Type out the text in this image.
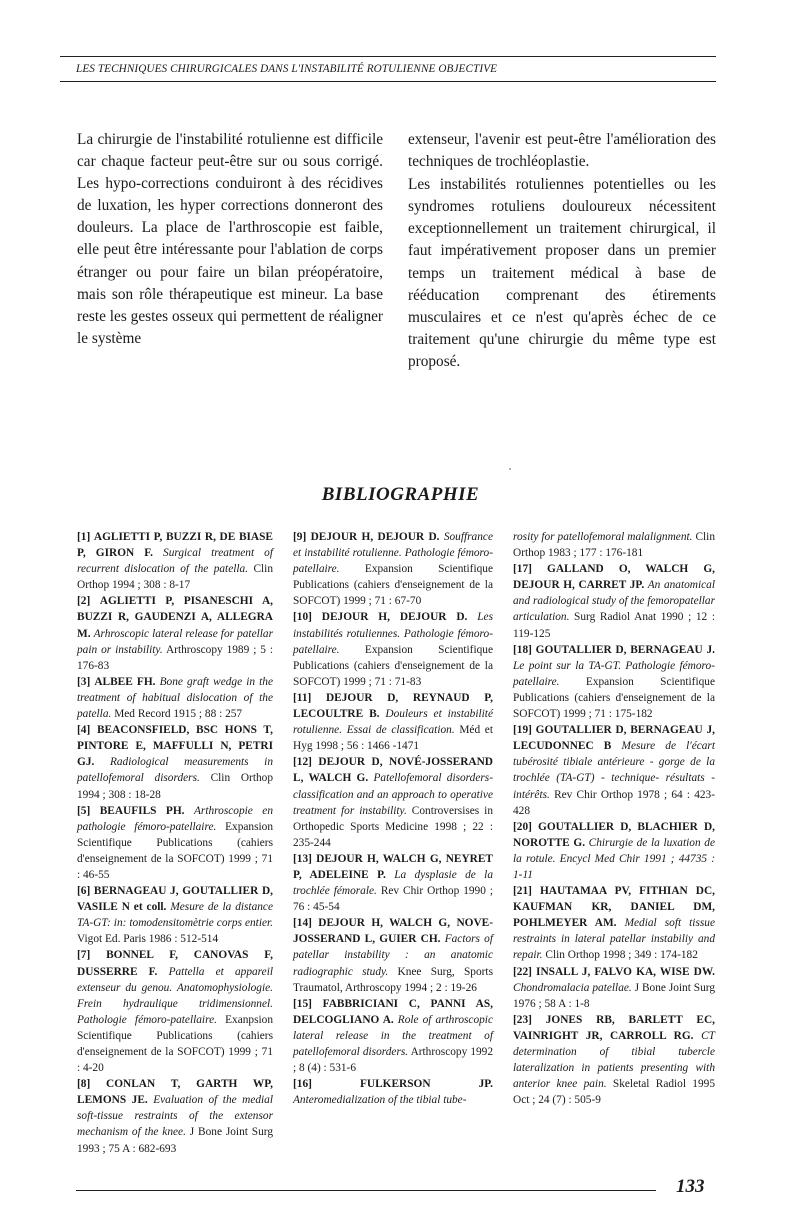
LES TECHNIQUES CHIRURGICALES DANS L'INSTABILITÉ ROTULIENNE OBJECTIVE

La chirurgie de l'instabilité rotulienne est difficile car chaque facteur peut-être sur ou sous corrigé. Les hypo-corrections conduiront à des récidives de luxation, les hyper corrections donneront des douleurs. La place de l'arthroscopie est faible, elle peut être intéressante pour l'ablation de corps étranger ou pour faire un bilan préopératoire, mais son rôle thérapeutique est mineur. La base reste les gestes osseux qui permettent de réaligner le système

extenseur, l'avenir est peut-être l'amélioration des techniques de trochléoplastie.

Les instabilités rotuliennes potentielles ou les syndromes rotuliens douloureux nécessitent exceptionnellement un traitement chirurgical, il faut impérativement proposer dans un premier temps un traitement médical à base de rééducation comprenant des étirements musculaires et ce n'est qu'après échec de ce traitement qu'une chirurgie du même type est proposé.

BIBLIOGRAPHIE

[1] AGLIETTI P, BUZZI R, DE BIASE P, GIRON F. Surgical treatment of recurrent dislocation of the patella. Clin Orthop 1994 ; 308 : 8-17

[2] AGLIETTI P, PISANESCHI A, BUZZI R, GAUDENZI A, ALLEGRA M. Arhroscopic lateral release for patellar pain or instability. Arthroscopy 1989 ; 5 : 176-83

[3] ALBEE FH. Bone graft wedge in the treatment of habitual dislocation of the patella. Med Record 1915 ; 88 : 257

[4] BEACONSFIELD, BSC HONS T, PINTORE E, MAFFULLI N, PETRI GJ. Radiological measurements in patellofemoral disorders. Clin Orthop 1994 ; 308 : 18-28

[5] BEAUFILS PH. Arthroscopie en pathologie fémoro-patellaire. Expansion Scientifique Publications (cahiers d'enseignement de la SOFCOT) 1999 ; 71 : 46-55

[6] BERNAGEAU J, GOUTALLIER D, VASILE N et coll. Mesure de la distance TA-GT: in: tomodensitomètrie corps entier. Vigot Ed. Paris 1986 : 512-514

[7] BONNEL F, CANOVAS F, DUSSERRE F. Pattella et appareil extenseur du genou. Anatomophysiologie. Frein hydraulique tridimensionnel. Pathologie fémoro-patellaire. Exanpsion Scientifique Publications (cahiers d'enseignement de la SOFCOT) 1999 ; 71 : 4-20

[8] CONLAN T, GARTH WP, LEMONS JE. Evaluation of the medial soft-tissue restraints of the extensor mechanism of the knee. J Bone Joint Surg 1993 ; 75 A : 682-693

[9] DEJOUR H, DEJOUR D. Souffrance et instabilité rotulienne. Pathologie fémoro-patellaire. Expansion Scientifique Publications (cahiers d'enseignement de la SOFCOT) 1999 ; 71 : 67-70

[10] DEJOUR H, DEJOUR D. Les instabilités rotuliennes. Pathologie fémoro-patellaire. Expansion Scientifique Publications (cahiers d'enseignement de la SOFCOT) 1999 ; 71 : 71-83

[11] DEJOUR D, REYNAUD P, LECOULTRE B. Douleurs et instabilité rotulienne. Essai de classification. Méd et Hyg 1998 ; 56 : 1466 -1471

[12] DEJOUR D, NOVÉ-JOSSERAND L, WALCH G. Patellofemoral disorders- classification and an approach to operative treatment for instability. Controversises in Orthopedic Sports Medicine 1998 ; 22 : 235-244

[13] DEJOUR H, WALCH G, NEYRET P, ADELEINE P. La dysplasie de la trochlée fémorale. Rev Chir Orthop 1990 ; 76 : 45-54

[14] DEJOUR H, WALCH G, NOVE-JOSSERAND L, GUIER CH. Factors of patellar instability : an anatomic radiographic study. Knee Surg, Sports Traumatol, Arthroscopy 1994 ; 2 : 19-26

[15] FABBRICIANI C, PANNI AS, DELCOGLIANO A. Role of arthroscopic lateral release in the treatment of patellofemoral disorders. Arthroscopy 1992 ; 8 (4) : 531-6

[16]	FULKERSON JP. Anteromedialization of the tibial tube-

rosity for patellofemoral malalignment. Clin Orthop 1983 ; 177 : 176-181

[17] GALLAND O, WALCH G, DEJOUR H, CARRET JP. An anatomical and radiological study of the femoropatellar articulation. Surg Radiol Anat 1990 ; 12 : 119-125

[18] GOUTALLIER D, BERNAGEAU J. Le point sur la TA-GT. Pathologie fémoro-patellaire. Expansion Scientifique Publications (cahiers d'enseignement de la SOFCOT) 1999 ; 71 : 175-182

[19] GOUTALLIER D, BERNAGEAU J, LECUDONNEC B Mesure de l'écart tubérosité tibiale antérieure - gorge de la trochlée (TA-GT) - technique- résultats - intérêts. Rev Chir Orthop 1978 ; 64 : 423-428

[20] GOUTALLIER D, BLACHIER D, NOROTTE G. Chirurgie de la luxation de la rotule. Encycl Med Chir 1991 ; 44735 : 1-11

[21] HAUTAMAA PV, FITHIAN DC, KAUFMAN KR, DANIEL DM, POHLMEYER AM. Medial soft tissue restraints in lateral patellar instabiliy and repair. Clin Orthop 1998 ; 349 : 174-182

[22] INSALL J, FALVO KA, WISE DW. Chondromalacia patellae. J Bone Joint Surg 1976 ; 58 A : 1-8

[23] JONES RB, BARLETT EC, VAINRIGHT JR, CARROLL RG. CT determination of tibial tubercle lateralization in patients presenting with anterior knee pain. Skeletal Radiol 1995 Oct ; 24 (7) : 505-9

133
